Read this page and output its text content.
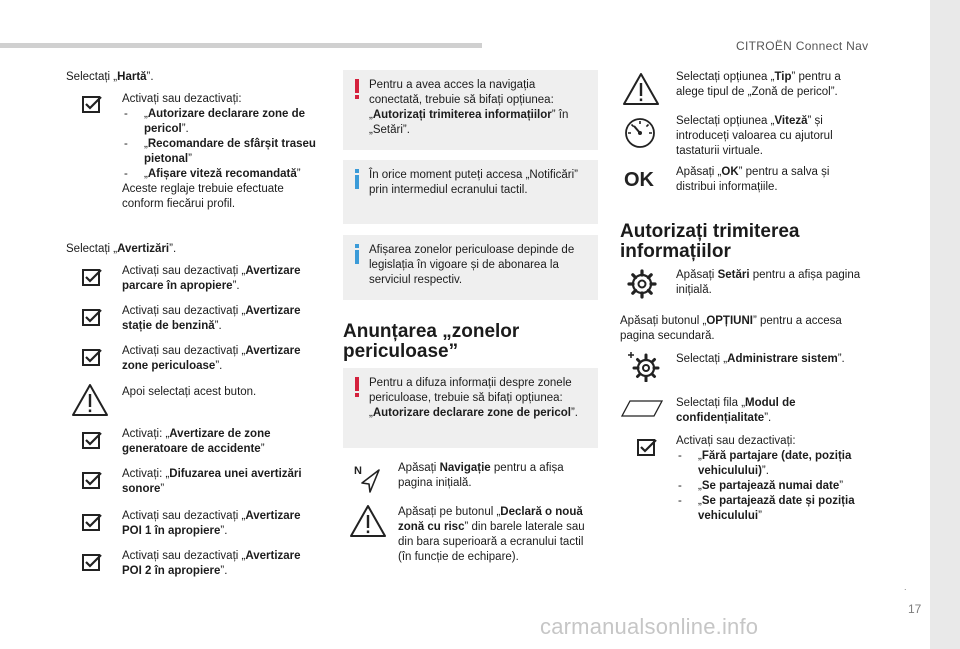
CITROËN Connect Nav
.
17
carmanualsonline.info
Selectați „Hartă”.
Activați sau dezactivați:
- „Autorizare declarare zone de pericol”.
- „Recomandare de sfârșit traseu pietonal”
- „Afișare viteză recomandată”
Aceste reglaje trebuie efectuate conform fiecărui profil.
Selectați „Avertizări”.
Activați sau dezactivați „Avertizare parcare în apropiere”.
Activați sau dezactivați „Avertizare stație de benzină”.
Activați sau dezactivați „Avertizare zone periculoase”.
Apoi selectați acest buton.
Activați: „Avertizare de zone generatoare de accidente”
Activați: „Difuzarea unei avertizări sonore”
Activați sau dezactivați „Avertizare POI 1 în apropiere”.
Activați sau dezactivați „Avertizare POI 2 în apropiere”.
Pentru a avea acces la navigația conectată, trebuie să bifați opțiunea: „Autorizați trimiterea informațiilor” în „Setări”.
În orice moment puteți accesa „Notificări” prin intermediul ecranului tactil.
Afișarea zonelor periculoase depinde de legislația în vigoare și de abonarea la serviciul respectiv.
Anunțarea „zonelor periculoase”
Pentru a difuza informații despre zonele periculoase, trebuie să bifați opțiunea: „Autorizare declarare zone de pericol”.
N	Apăsați Navigație pentru a afișa pagina inițială.
Apăsați pe butonul „Declară o nouă zonă cu risc” din barele laterale sau din bara superioară a ecranului tactil (în funcție de echipare).
Selectați opțiunea „Tip” pentru a alege tipul de „Zonă de pericol”.
Selectați opțiunea „Viteză” și introduceți valoarea cu ajutorul tastaturii virtuale.
OK Apăsați „OK” pentru a salva și distribui informațiile.
Autorizați trimiterea informațiilor
Apăsați Setări pentru a afișa pagina inițială.
Apăsați butonul „OPȚIUNI” pentru a accesa pagina secundară.
Selectați „Administrare sistem”.
Selectați fila „Modul de confidențialitate”.
Activați sau dezactivați:
- „Fără partajare (date, poziția vehiculului)”.
- „Se partajează numai date”
- „Se partajează date și poziția vehiculului”
